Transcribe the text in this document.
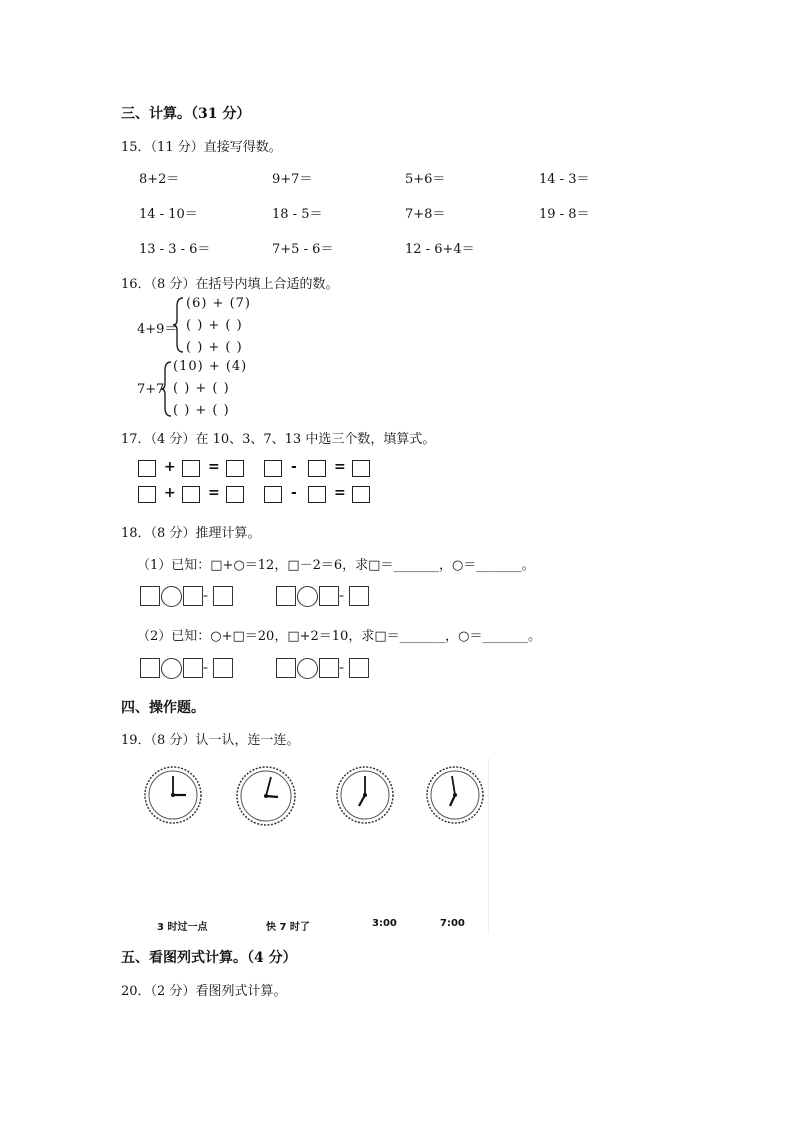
三、计算。（31 分）
15．（11 分）直接写得数。
8+2＝	9+7＝	5+6＝	14 - 3＝
14 - 10＝	18 - 5＝	7+8＝	19 - 8＝
13 - 3 - 6＝	7+5 - 6＝	12 - 6+4＝
16．（8 分）在括号内填上合适的数。
4+9＝
(6) + (7)
( ) + ( )
( ) + ( )
7+7
(10) + (4)
( ) + ( )
( ) + ( )
17．（4 分）在 10、3、7、13 中选三个数，填算式。
+ =	-	=
+ =	-	=
18．（8 分）推理计算。
（1）已知：□+○＝12，□－2＝6，求□＝_______，○＝_______。
=	=
（2）已知：○+□＝20，□+2＝10，求□＝_______，○＝_______。
=	=
四、操作题。
19．（8 分）认一认，连一连。
3 时过一点	快 7 时了	3:00	7:00
五、看图列式计算。（4 分）
20．（2 分）看图列式计算。
